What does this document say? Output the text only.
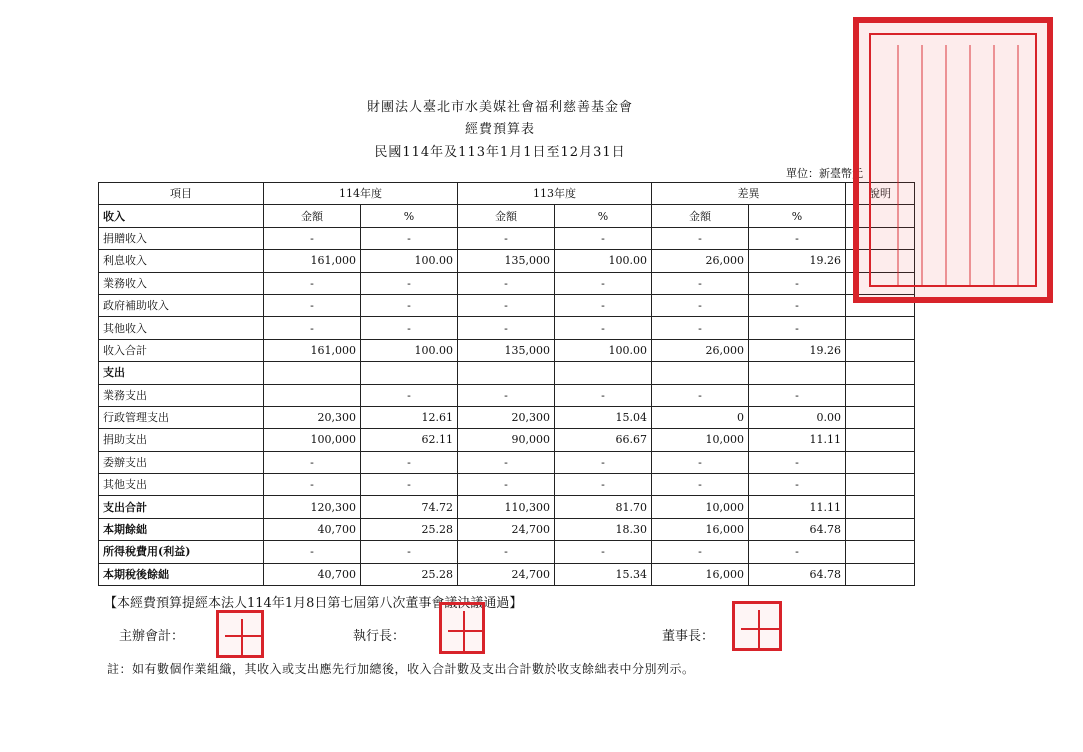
財團法人臺北市水美媒社會福利慈善基金會
經費預算表
民國114年及113年1月1日至12月31日
單位：新臺幣元
項目	114年度		113年度		差異		說明
收入	金額	%	金額	%	金額	%	
捐贈收入	-	-	-	-	-	-	
利息收入	161,000	100.00	135,000	100.00	26,000	19.26	
業務收入	-	-	-	-	-	-	
政府補助收入	-	-	-	-	-	-	
其他收入	-	-	-	-	-	-	
收入合計	161,000	100.00	135,000	100.00	26,000	19.26	
支出							
業務支出		-	-	-	-	-	
行政管理支出	20,300	12.61	20,300	15.04	0	0.00	
捐助支出	100,000	62.11	90,000	66.67	10,000	11.11	
委辦支出	-	-	-	-	-	-	
其他支出	-	-	-	-	-	-	
支出合計	120,300	74.72	110,300	81.70	10,000	11.11	
本期餘絀	40,700	25.28	24,700	18.30	16,000	64.78	
所得稅費用(利益)	-	-	-	-	-	-	
本期稅後餘絀	40,700	25.28	24,700	15.34	16,000	64.78	
【本經費預算提經本法人114年1月8日第七屆第八次董事會議決議通過】
主辦會計：	執行長：	董事長：
註：如有數個作業組織，其收入或支出應先行加總後，收入合計數及支出合計數於收支餘絀表中分別列示。
